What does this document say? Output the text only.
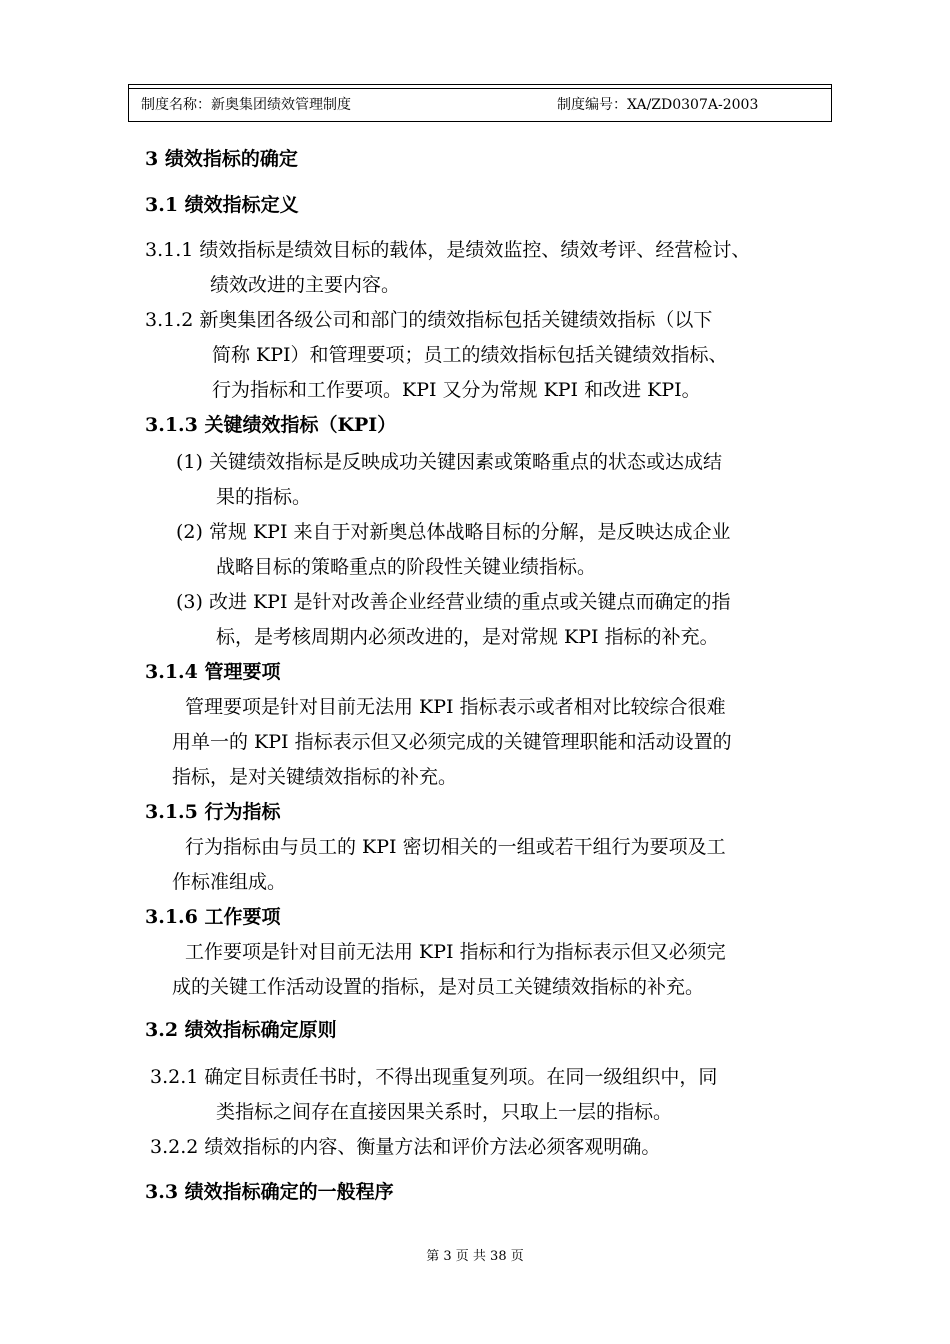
制度名称：新奥集团绩效管理制度	制度编号：XA/ZD0307A-2003
3 绩效指标的确定
3.1 绩效指标定义
3.1.1 绩效指标是绩效目标的载体，是绩效监控、绩效考评、经营检讨、
绩效改进的主要内容。
3.1.2 新奥集团各级公司和部门的绩效指标包括关键绩效指标（以下
简称 KPI）和管理要项；员工的绩效指标包括关键绩效指标、
行为指标和工作要项。KPI 又分为常规 KPI 和改进 KPI。
3.1.3 关键绩效指标（KPI）
(1) 关键绩效指标是反映成功关键因素或策略重点的状态或达成结
果的指标。
(2) 常规 KPI 来自于对新奥总体战略目标的分解，是反映达成企业
战略目标的策略重点的阶段性关键业绩指标。
(3) 改进 KPI 是针对改善企业经营业绩的重点或关键点而确定的指
标，是考核周期内必须改进的，是对常规 KPI 指标的补充。
3.1.4 管理要项
管理要项是针对目前无法用 KPI 指标表示或者相对比较综合很难
用单一的 KPI 指标表示但又必须完成的关键管理职能和活动设置的
指标，是对关键绩效指标的补充。
3.1.5 行为指标
行为指标由与员工的 KPI 密切相关的一组或若干组行为要项及工
作标准组成。
3.1.6 工作要项
工作要项是针对目前无法用 KPI 指标和行为指标表示但又必须完
成的关键工作活动设置的指标，是对员工关键绩效指标的补充。
3.2 绩效指标确定原则
3.2.1 确定目标责任书时，不得出现重复列项。在同一级组织中，同
类指标之间存在直接因果关系时，只取上一层的指标。
3.2.2 绩效指标的内容、衡量方法和评价方法必须客观明确。
3.3 绩效指标确定的一般程序
第 3 页 共 38 页
